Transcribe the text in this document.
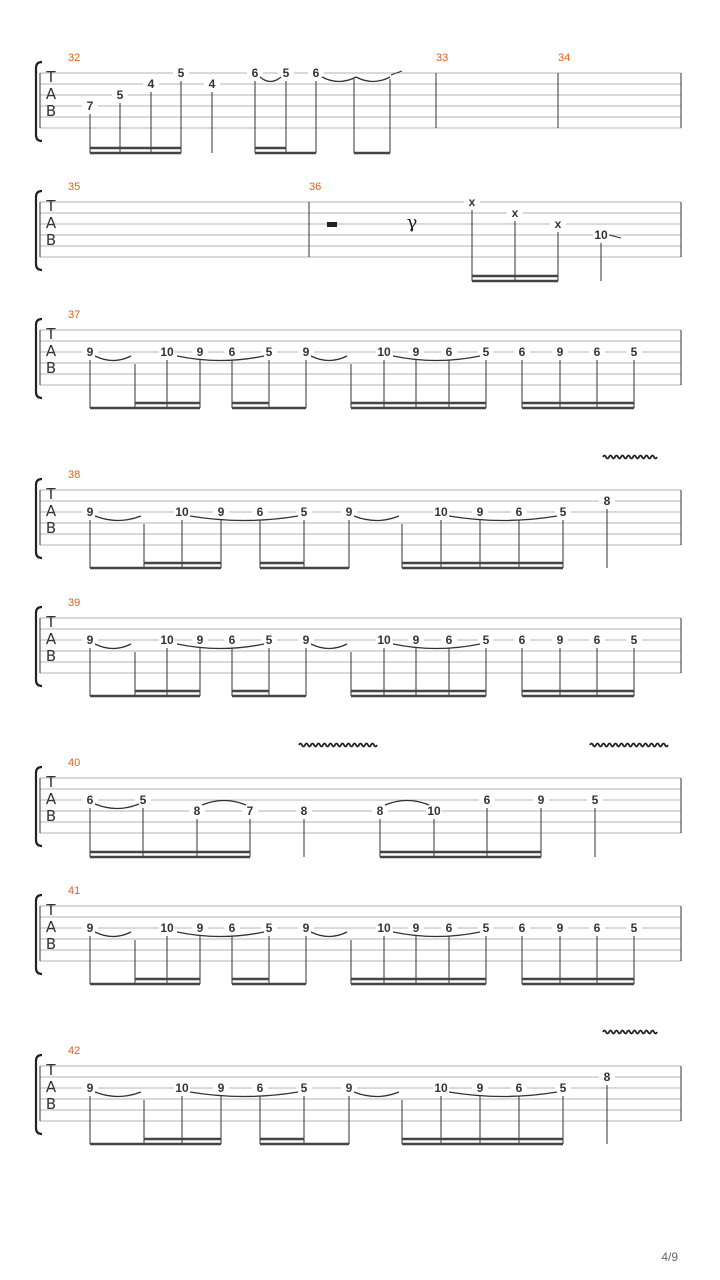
T
A
B
32	33	34
7
5
4
5
4
6 5 6
T
A
B
35	36
γ
x
x
x
10
T
A
B
37
9	10 9 6	5	9	10 9 6	5 6	9	6	5
T
A
B
38
9	10 9	6	5	9	10 9	6	5
8
T
A
B
39
9	10 9 6	5	9	10 9 6	5 6	9	6	5
T
A
B
40
6	5
8	7	8	8	10
6	9	5
T
A
B
41
9	10 9 6	5	9	10 9 6	5 6	9	6	5
T
A
B
42
9	10 9	6	5	9	10 9	6	5
8
4/9
